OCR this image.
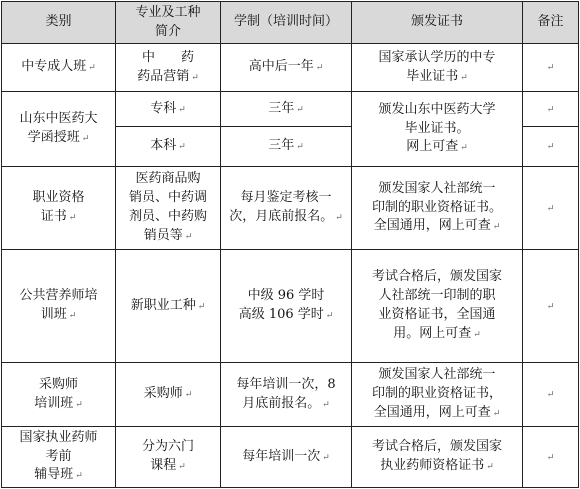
类别	专业及工种
简介	学制（培训时间）	颁发证书	备注

中专成人班 ↵	中　　药
药品营销 ↵	高中后一年 ↵	国家承认学历的中专
毕业证书 ↵	↵

山东中医药大
学函授班 ↵	专科 ↵	三年 ↵	颁发山东中医药大学
毕业证书。
网上可查 ↵	↵

	本科 ↵	三年 ↵		↵

职业资格
证书 ↵	医药商品购
销员、中药调
剂员、中药购
销员等 ↵	每月鉴定考核一
次，月底前报名。 ↵	颁发国家人社部统一
印制的职业资格证书。
全国通用，网上可查 ↵	↵

公共营养师培
训班 ↵	新职业工种 ↵	中级 96 学时
高级 106 学时 ↵	考试合格后，颁发国家
人社部统一印制的职
业资格证书，全国通
用。网上可查 ↵	↵

采购师
培训班 ↵	采购师 ↵	每年培训一次，8
月底前报名。 ↵	颁发国家人社部统一
印制的职业资格证书，
全国通用，网上可查 ↵	↵

国家执业药师
考前
辅导班 ↵	分为六门
课程 ↵	每年培训一次 ↵	考试合格后，颁发国家
执业药师资格证书 ↵	↵
